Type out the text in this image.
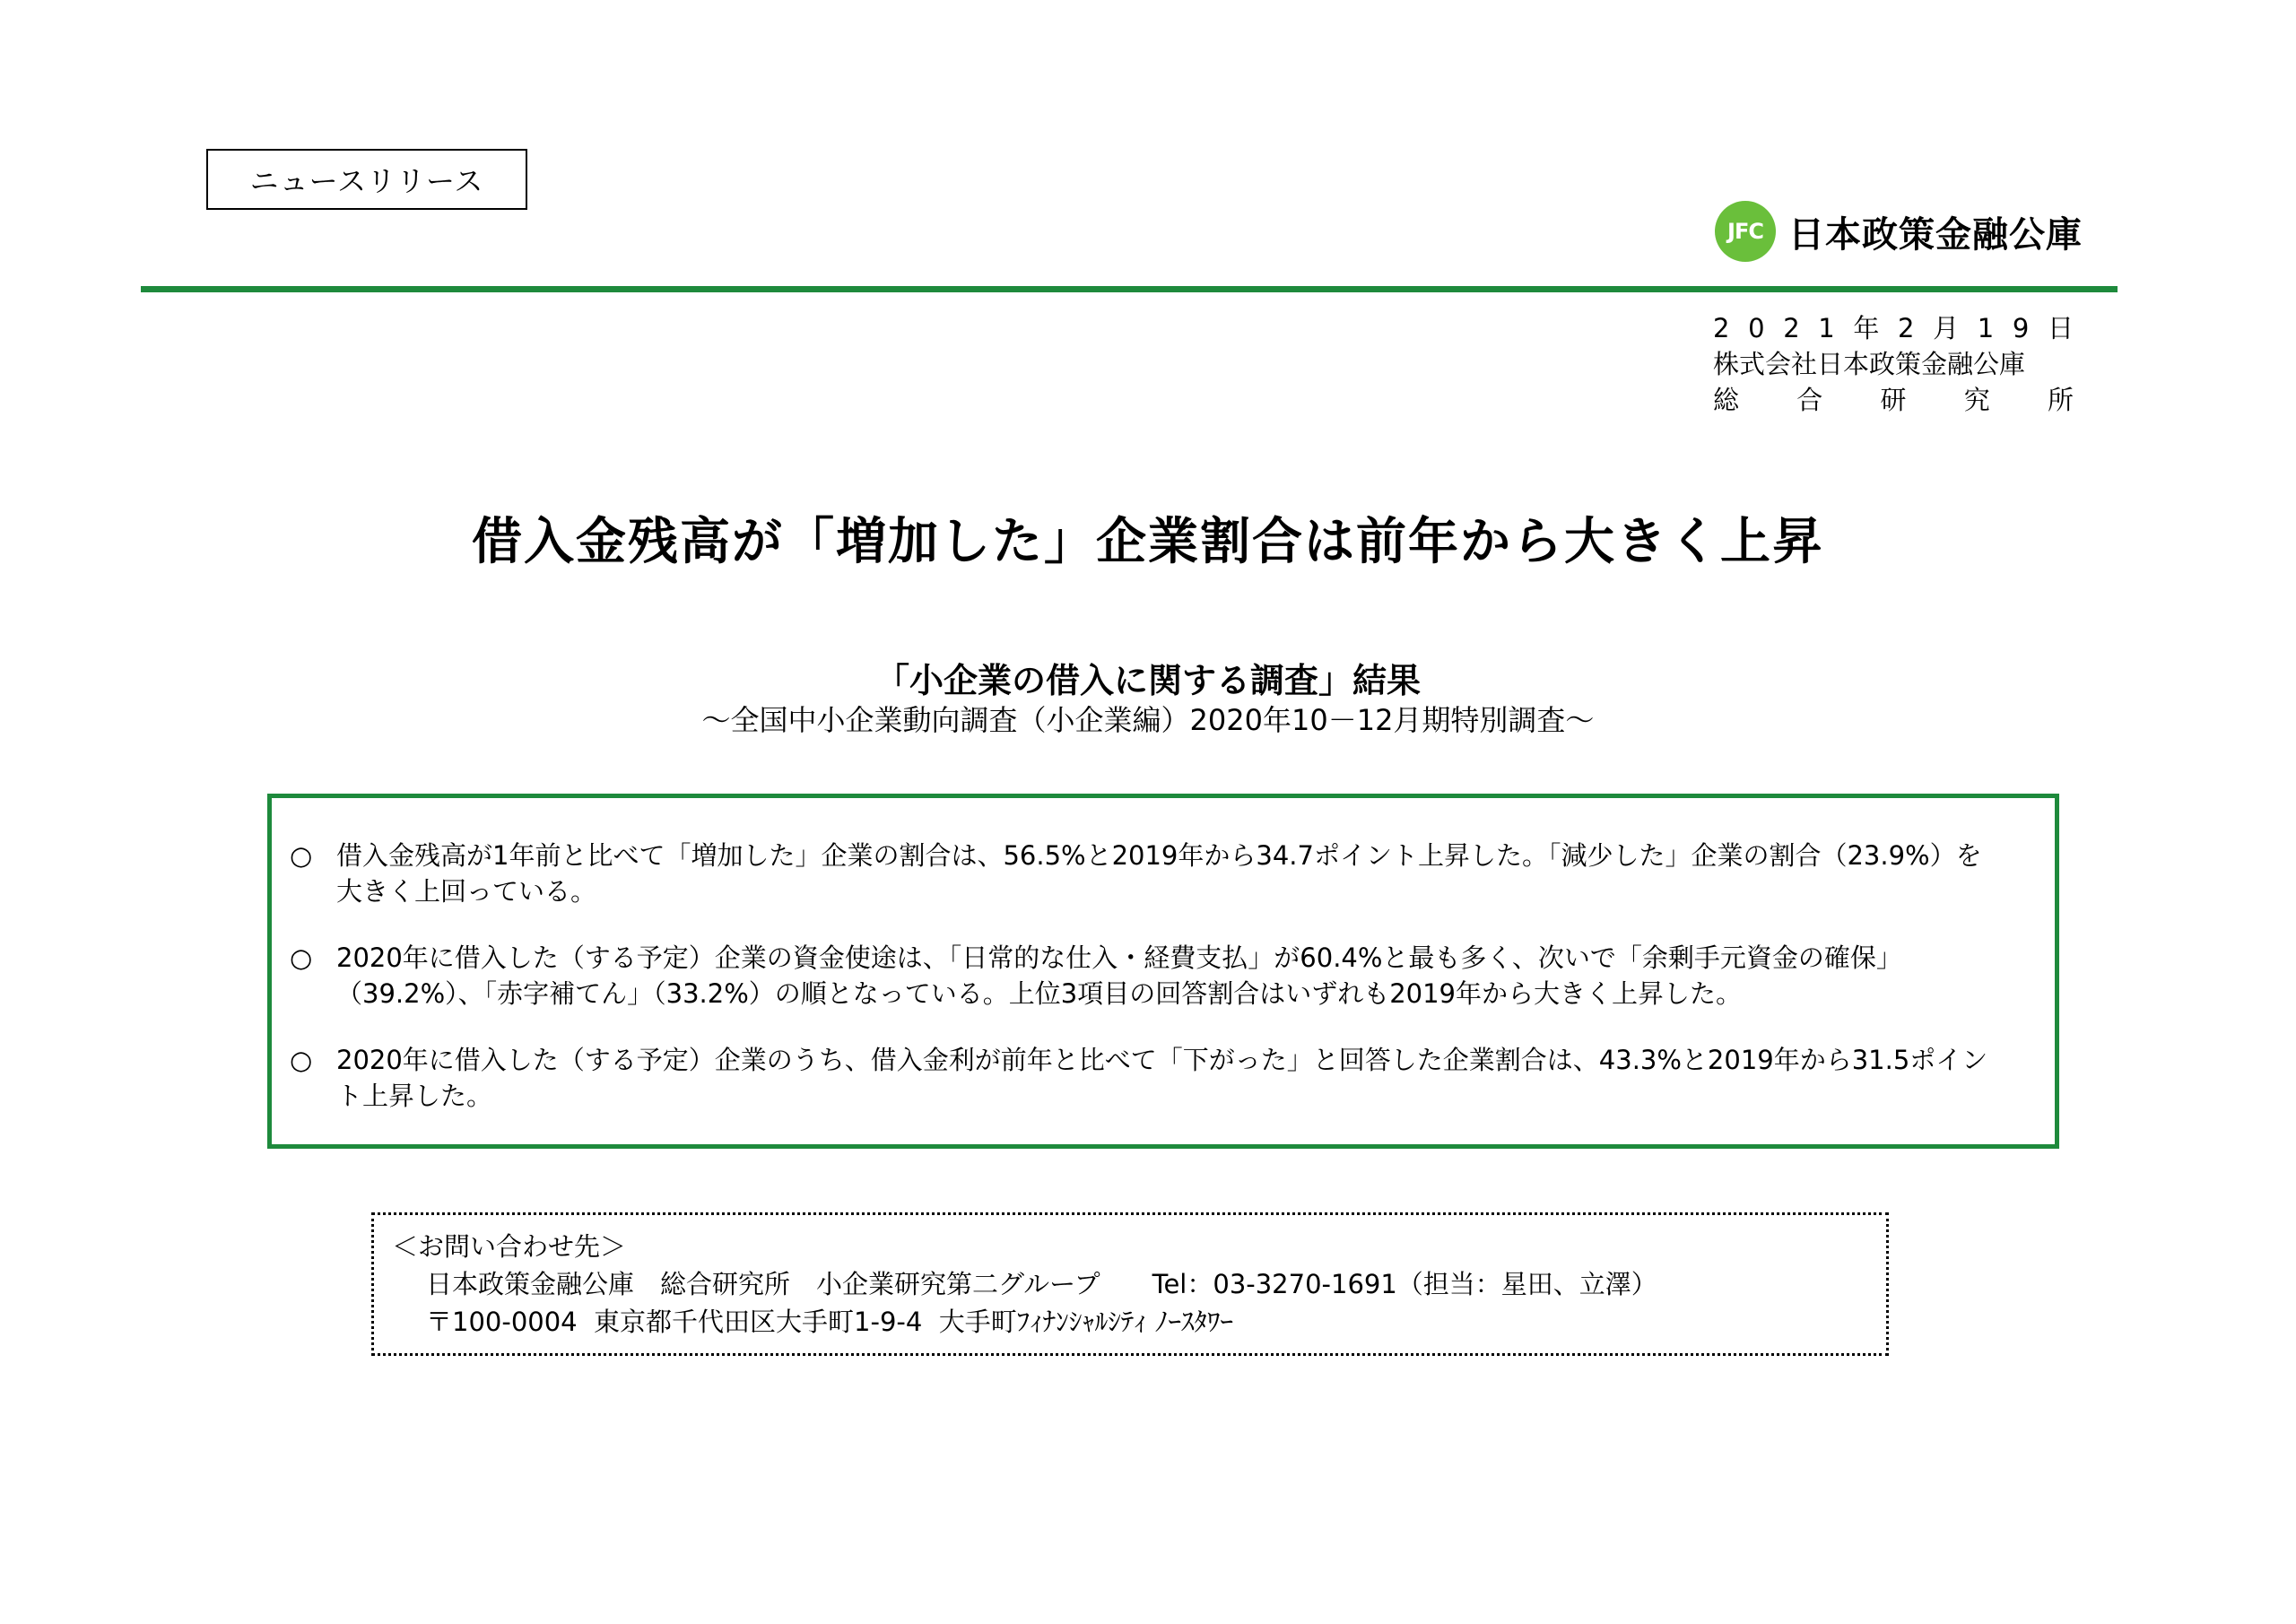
ニュースリリース
JFC 日本政策金融公庫
2 0 2 1 年 2 月 1 9 日
株式会社日本政策金融公庫
総 合 研 究 所
借入金残高が「増加した」企業割合は前年から大きく上昇
「小企業の借入に関する調査」結果
～全国中小企業動向調査（小企業編）2020年10－12月期特別調査～
○ 借入金残高が1年前と比べて「増加した」企業の割合は、56.5%と2019年から34.7ポイント上昇した。「減少した」企業の割合（23.9%）を大きく上回っている。
○ 2020年に借入した（する予定）企業の資金使途は、「日常的な仕入・経費支払」が60.4%と最も多く、次いで「余剰手元資金の確保」（39.2%）、「赤字補てん」（33.2%）の順となっている。上位3項目の回答割合はいずれも2019年から大きく上昇した。
○ 2020年に借入した（する予定）企業のうち、借入金利が前年と比べて「下がった」と回答した企業割合は、43.3%と2019年から31.5ポイント上昇した。
＜お問い合わせ先＞
日本政策金融公庫　総合研究所　小企業研究第二グループ　　Tel：03-3270-1691（担当：星田、立澤）
〒100-0004  東京都千代田区大手町1-9-4  大手町ﾌｨﾅﾝｼｬﾙｼﾃｨ ﾉｰｽﾀﾜｰ
